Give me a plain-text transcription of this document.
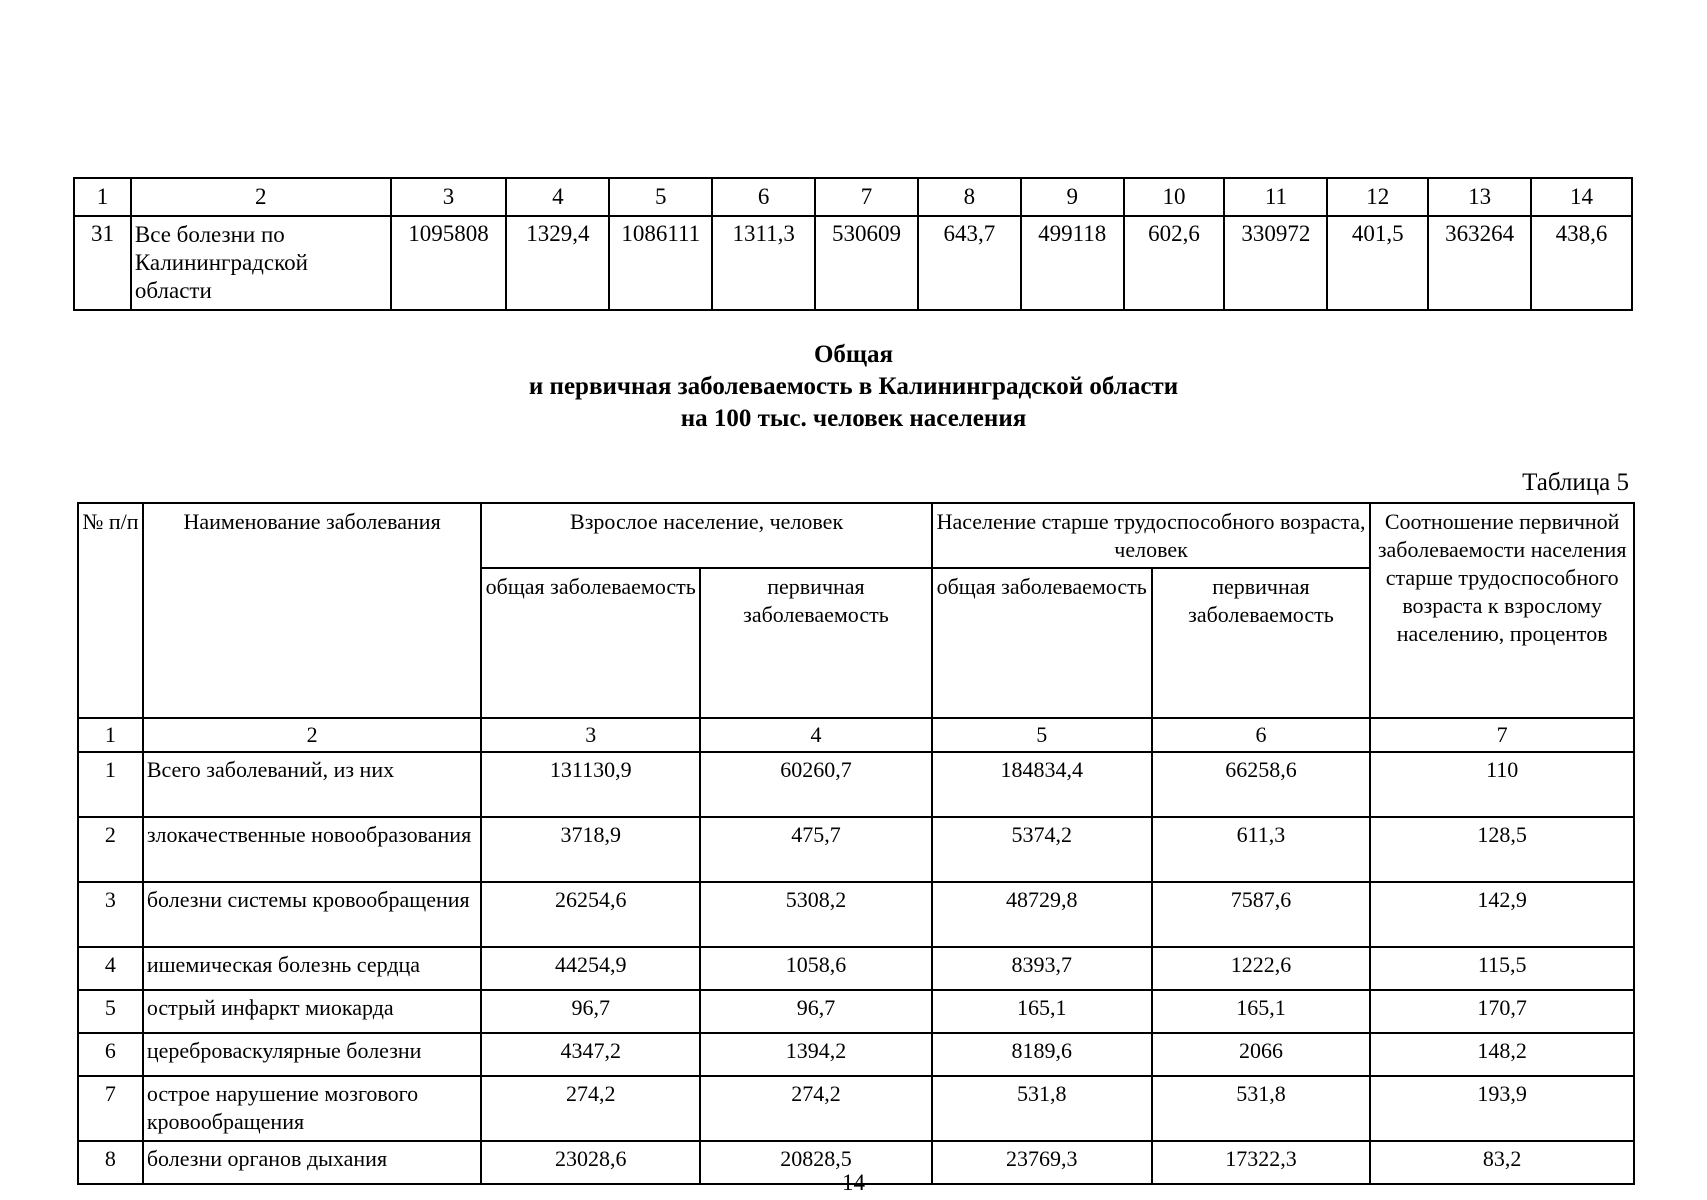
1	2	3	4	5	6	7	8	9	10	11	12	13	14
31	Все болезни по Калининградской области	1095808	1329,4	1086111	1311,3	530609	643,7	499118	602,6	330972	401,5	363264	438,6
Общая
и первичная заболеваемость в Калининградской области
на 100 тыс. человек населения
Таблица 5
№ п/п	Наименование заболевания	Взрослое население, человек		Население старше трудоспособного возраста, человек		Соотношение первичной заболеваемости населения старше трудоспособного возраста к взрослому населению, процентов
		общая заболеваемость	первичная заболеваемость	общая заболеваемость	первичная заболеваемость	
1	2	3	4	5	6	7
1	Всего заболеваний, из них	131130,9	60260,7	184834,4	66258,6	110
2	злокачественные новообразования	3718,9	475,7	5374,2	611,3	128,5
3	болезни системы кровообращения	26254,6	5308,2	48729,8	7587,6	142,9
4	ишемическая болезнь сердца	44254,9	1058,6	8393,7	1222,6	115,5
5	острый инфаркт миокарда	96,7	96,7	165,1	165,1	170,7
6	цереброваскулярные болезни	4347,2	1394,2	8189,6	2066	148,2
7	острое нарушение мозгового кровообращения	274,2	274,2	531,8	531,8	193,9
8	болезни органов дыхания	23028,6	20828,5	23769,3	17322,3	83,2
14
